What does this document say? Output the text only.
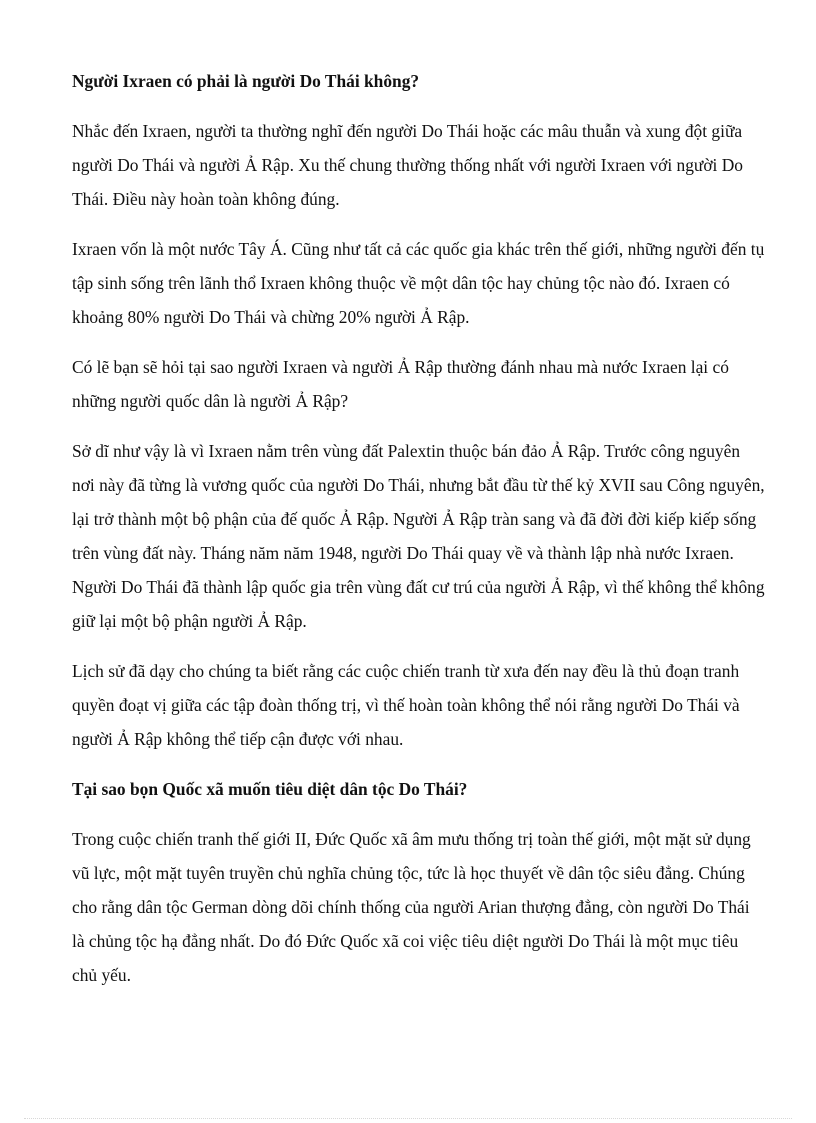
Người Ixraen có phải là người Do Thái không?

Nhắc đến Ixraen, người ta thường nghĩ đến người Do Thái hoặc các mâu thuẫn và xung đột giữa người Do Thái và người Ả Rập. Xu thế chung thường thống nhất với người Ixraen với người Do Thái. Điều này hoàn toàn không đúng.

Ixraen vốn là một nước Tây Á. Cũng như tất cả các quốc gia khác trên thế giới, những người đến tụ tập sinh sống trên lãnh thổ Ixraen không thuộc về một dân tộc hay chủng tộc nào đó. Ixraen có khoảng 80% người Do Thái và chừng 20% người Ả Rập.

Có lẽ bạn sẽ hỏi tại sao người Ixraen và người Ả Rập thường đánh nhau mà nước Ixraen lại có những người quốc dân là người Ả Rập?

Sở dĩ như vậy là vì Ixraen nằm trên vùng đất Palextin thuộc bán đảo Ả Rập. Trước công nguyên nơi này đã từng là vương quốc của người Do Thái, nhưng bắt đầu từ thế kỷ XVII sau Công nguyên, lại trở thành một bộ phận của đế quốc Ả Rập. Người Ả Rập tràn sang và đã đời đời kiếp kiếp sống trên vùng đất này. Tháng năm năm 1948, người Do Thái quay về và thành lập nhà nước Ixraen. Người Do Thái đã thành lập quốc gia trên vùng đất cư trú của người Ả Rập, vì thế không thể không giữ lại một bộ phận người Ả Rập.

Lịch sử đã dạy cho chúng ta biết rằng các cuộc chiến tranh từ xưa đến nay đều là thủ đoạn tranh quyền đoạt vị giữa các tập đoàn thống trị, vì thế hoàn toàn không thể nói rằng người Do Thái và người Ả Rập không thể tiếp cận được với nhau.

Tại sao bọn Quốc xã muốn tiêu diệt dân tộc Do Thái?

Trong cuộc chiến tranh thế giới II, Đức Quốc xã âm mưu thống trị toàn thế giới, một mặt sử dụng vũ lực, một mặt tuyên truyền chủ nghĩa chủng tộc, tức là học thuyết về dân tộc siêu đẳng. Chúng cho rằng dân tộc German dòng dõi chính thống của người Arian thượng đẳng, còn người Do Thái là chủng tộc hạ đẳng nhất. Do đó Đức Quốc xã coi việc tiêu diệt người Do Thái là một mục tiêu chủ yếu.
